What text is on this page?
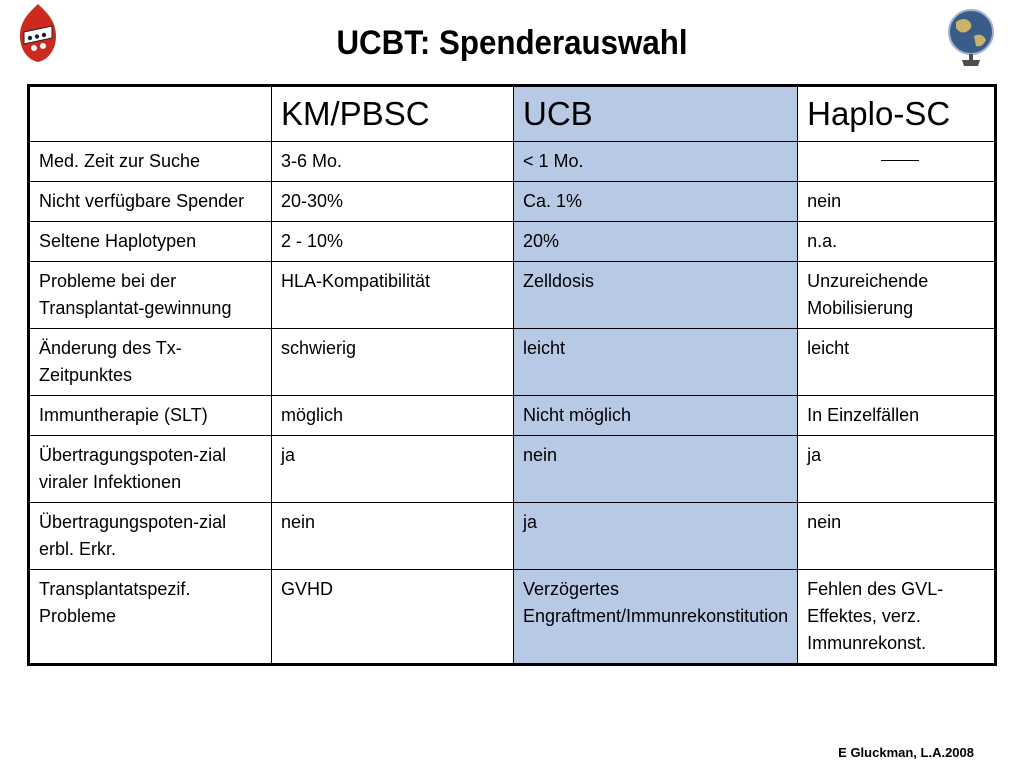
UCBT: Spenderauswahl
	KM/PBSC	UCB	Haplo-SC
Med. Zeit zur Suche	3-6 Mo.	< 1 Mo.	
Nicht verfügbare Spender	20-30%	Ca. 1%	nein
Seltene Haplotypen	2 - 10%	20%	n.a.
Probleme bei der Transplantat-gewinnung	HLA-Kompatibilität	Zelldosis	Unzureichende Mobilisierung
Änderung des Tx-Zeitpunktes	schwierig	leicht	leicht
Immuntherapie (SLT)	möglich	Nicht möglich	In Einzelfällen
Übertragungspoten-zial viraler Infektionen	ja	nein	ja
Übertragungspoten-zial erbl. Erkr.	nein	ja	nein
Transplantatspezif. Probleme	GVHD	Verzögertes Engraftment/Immunrekonstitution	Fehlen des GVL-Effektes, verz. Immunrekonst.
E Gluckman, L.A.2008
